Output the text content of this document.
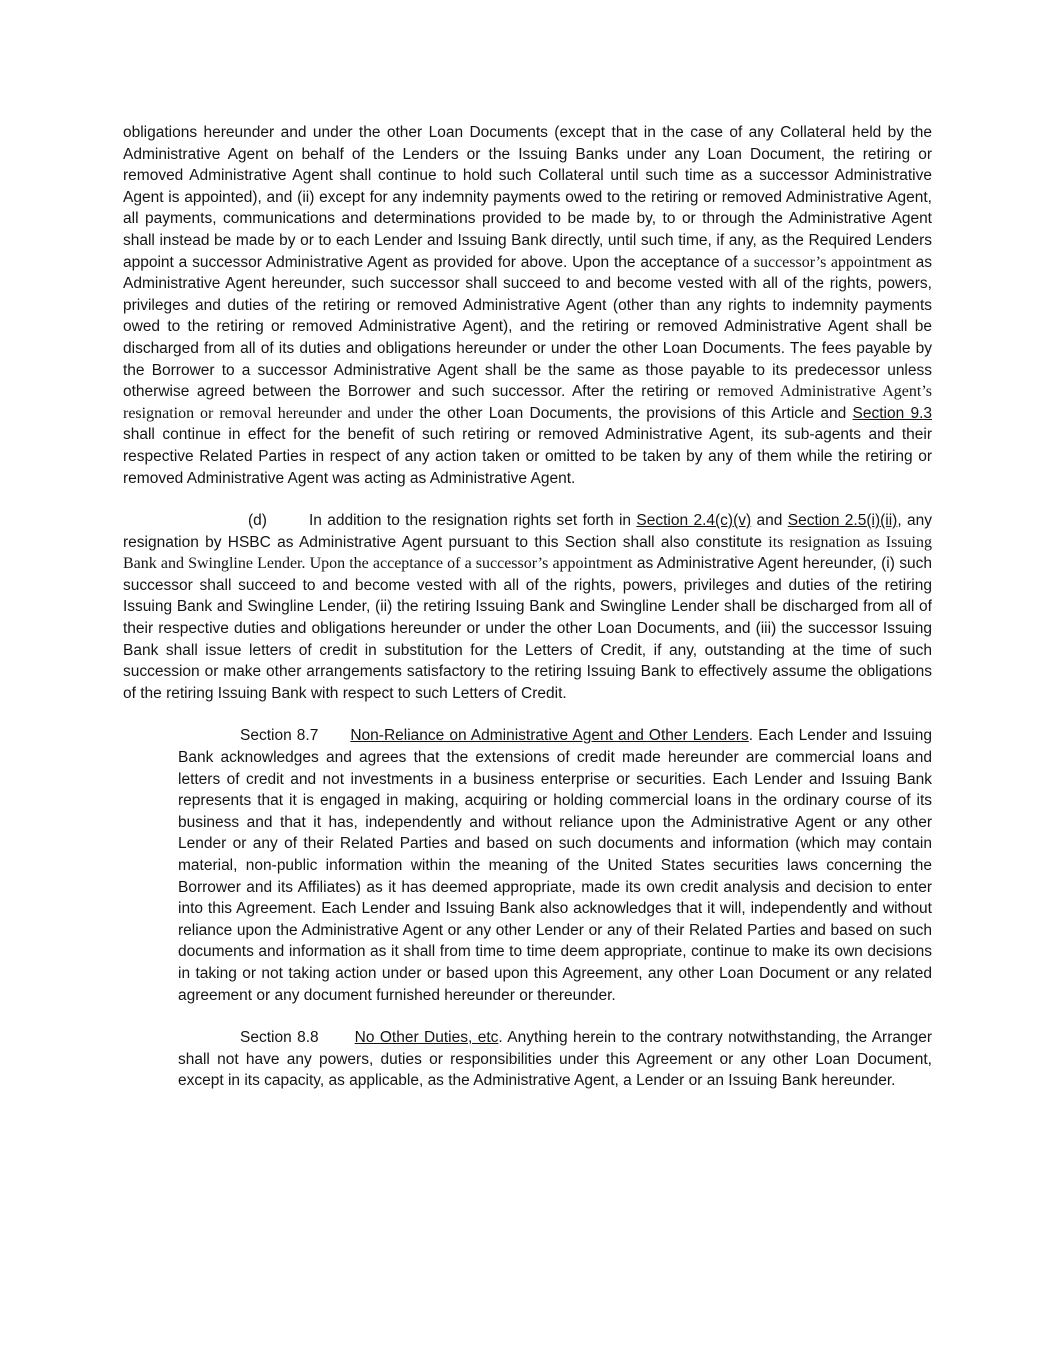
obligations hereunder and under the other Loan Documents (except that in the case of any Collateral held by the Administrative Agent on behalf of the Lenders or the Issuing Banks under any Loan Document, the retiring or removed Administrative Agent shall continue to hold such Collateral until such time as a successor Administrative Agent is appointed), and (ii) except for any indemnity payments owed to the retiring or removed Administrative Agent, all payments, communications and determinations provided to be made by, to or through the Administrative Agent shall instead be made by or to each Lender and Issuing Bank directly, until such time, if any, as the Required Lenders appoint a successor Administrative Agent as provided for above. Upon the acceptance of a successor’s appointment as Administrative Agent hereunder, such successor shall succeed to and become vested with all of the rights, powers, privileges and duties of the retiring or removed Administrative Agent (other than any rights to indemnity payments owed to the retiring or removed Administrative Agent), and the retiring or removed Administrative Agent shall be discharged from all of its duties and obligations hereunder or under the other Loan Documents. The fees payable by the Borrower to a successor Administrative Agent shall be the same as those payable to its predecessor unless otherwise agreed between the Borrower and such successor. After the retiring or removed Administrative Agent’s resignation or removal hereunder and under the other Loan Documents, the provisions of this Article and Section 9.3 shall continue in effect for the benefit of such retiring or removed Administrative Agent, its sub-agents and their respective Related Parties in respect of any action taken or omitted to be taken by any of them while the retiring or removed Administrative Agent was acting as Administrative Agent.

(d)	In addition to the resignation rights set forth in Section 2.4(c)(v) and Section 2.5(i)(ii), any resignation by HSBC as Administrative Agent pursuant to this Section shall also constitute its resignation as Issuing Bank and Swingline Lender. Upon the acceptance of a successor’s appointment as Administrative Agent hereunder, (i) such successor shall succeed to and become vested with all of the rights, powers, privileges and duties of the retiring Issuing Bank and Swingline Lender, (ii) the retiring Issuing Bank and Swingline Lender shall be discharged from all of their respective duties and obligations hereunder or under the other Loan Documents, and (iii) the successor Issuing Bank shall issue letters of credit in substitution for the Letters of Credit, if any, outstanding at the time of such succession or make other arrangements satisfactory to the retiring Issuing Bank to effectively assume the obligations of the retiring Issuing Bank with respect to such Letters of Credit.

Section 8.7 Non-Reliance on Administrative Agent and Other Lenders. Each Lender and Issuing Bank acknowledges and agrees that the extensions of credit made hereunder are commercial loans and letters of credit and not investments in a business enterprise or securities. Each Lender and Issuing Bank represents that it is engaged in making, acquiring or holding commercial loans in the ordinary course of its business and that it has, independently and without reliance upon the Administrative Agent or any other Lender or any of their Related Parties and based on such documents and information (which may contain material, non-public information within the meaning of the United States securities laws concerning the Borrower and its Affiliates) as it has deemed appropriate, made its own credit analysis and decision to enter into this Agreement. Each Lender and Issuing Bank also acknowledges that it will, independently and without reliance upon the Administrative Agent or any other Lender or any of their Related Parties and based on such documents and information as it shall from time to time deem appropriate, continue to make its own decisions in taking or not taking action under or based upon this Agreement, any other Loan Document or any related agreement or any document furnished hereunder or thereunder.

Section 8.8 No Other Duties, etc. Anything herein to the contrary notwithstanding, the Arranger shall not have any powers, duties or responsibilities under this Agreement or any other Loan Document, except in its capacity, as applicable, as the Administrative Agent, a Lender or an Issuing Bank hereunder.
